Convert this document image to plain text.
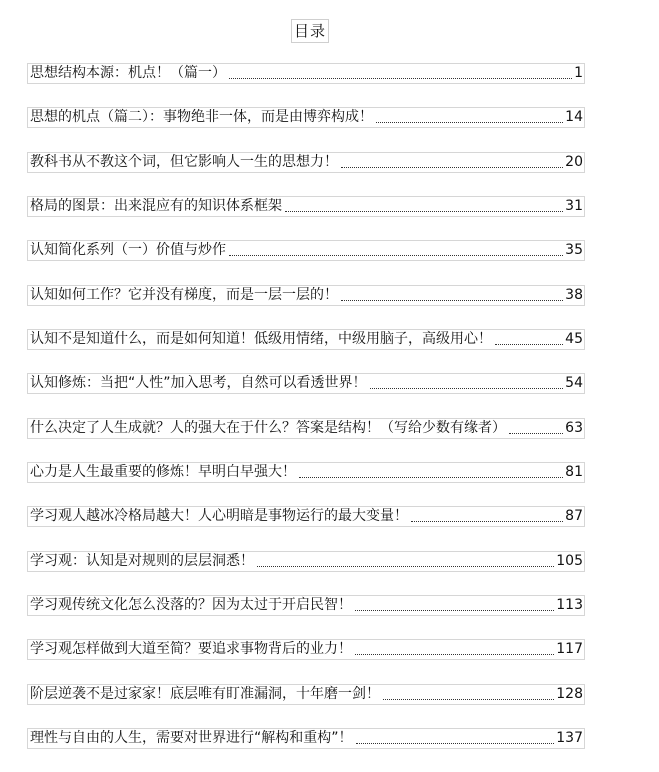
目录
思想结构本源：机点！（篇一）	1
思想的机点（篇二）：事物绝非一体，而是由博弈构成！	14
教科书从不教这个词，但它影响人一生的思想力！	20
格局的图景：出来混应有的知识体系框架	31
认知简化系列（一）价值与炒作	35
认知如何工作？它并没有梯度，而是一层一层的！	38
认知不是知道什么，而是如何知道！低级用情绪，中级用脑子，高级用心！	45
认知修炼：当把“人性”加入思考，自然可以看透世界！	54
什么决定了人生成就？人的强大在于什么？答案是结构！（写给少数有缘者）	63
心力是人生最重要的修炼！早明白早强大！	81
学习观人越冰冷格局越大！人心明暗是事物运行的最大变量！	87
学习观：认知是对规则的层层洞悉！	105
学习观传统文化怎么没落的？因为太过于开启民智！	113
学习观怎样做到大道至简？要追求事物背后的业力！	117
阶层逆袭不是过家家！底层唯有盯准漏洞，十年磨一剑！	128
理性与自由的人生，需要对世界进行“解构和重构”！	137
